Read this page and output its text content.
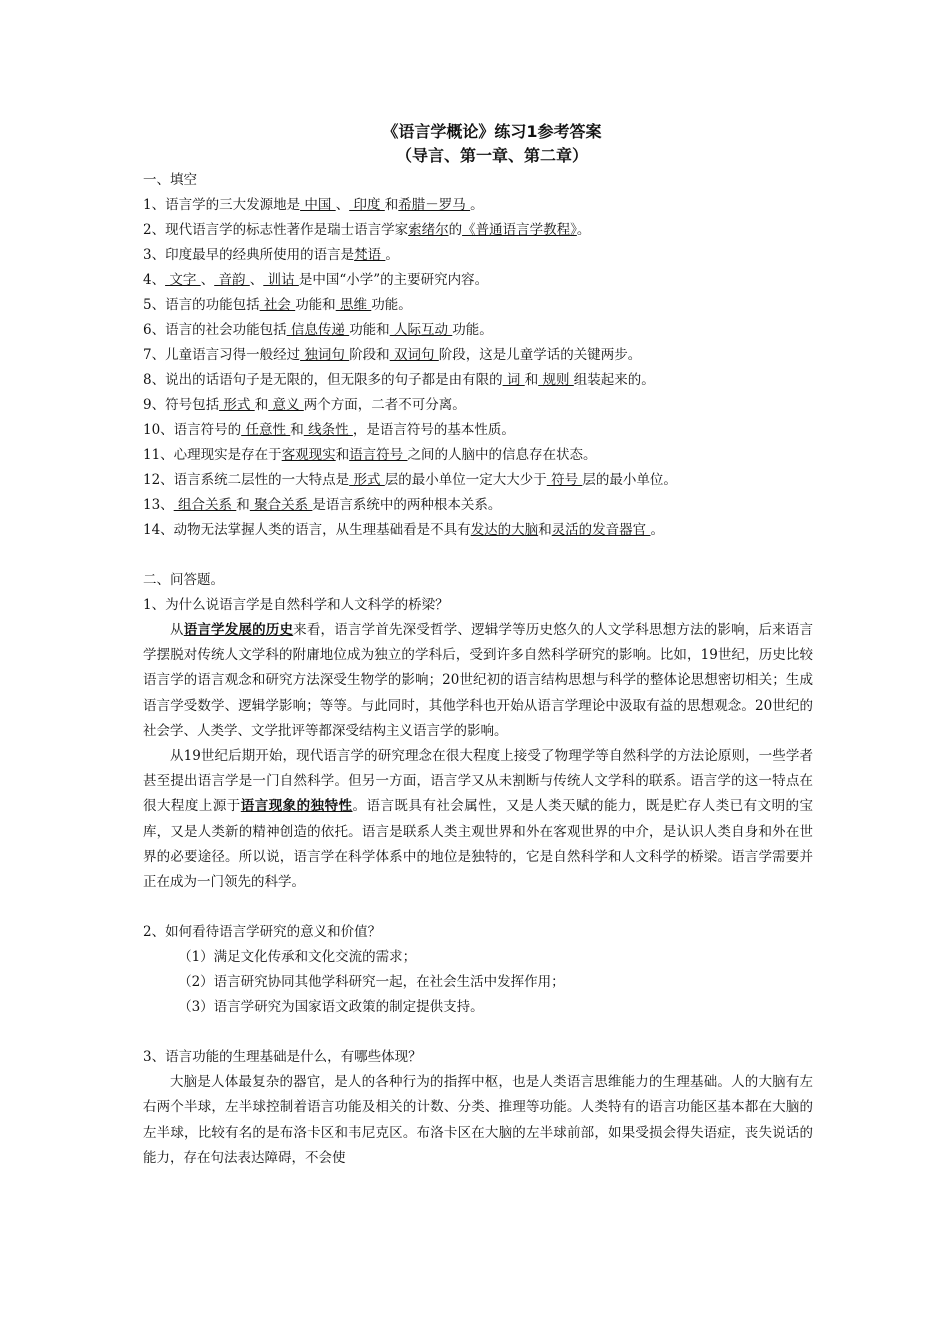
《语言学概论》练习1参考答案
（导言、第一章、第二章）
一、填空
1、语言学的三大发源地是 中国 、 印度 和希腊－罗马 。
2、现代语言学的标志性著作是瑞士语言学家索绪尔的《普通语言学教程》。
3、印度最早的经典所使用的语言是梵语 。
4、 文字 、 音韵 、 训诂 是中国“小学”的主要研究内容。
5、语言的功能包括 社会 功能和 思维 功能。
6、语言的社会功能包括 信息传递 功能和 人际互动 功能。
7、儿童语言习得一般经过 独词句 阶段和 双词句 阶段，这是儿童学话的关键两步。
8、说出的话语句子是无限的，但无限多的句子都是由有限的 词 和 规则 组装起来的。
9、符号包括 形式 和 意义 两个方面，二者不可分离。
10、语言符号的 任意性 和 线条性 ，是语言符号的基本性质。
11、心理现实是存在于客观现实和语言符号 之间的人脑中的信息存在状态。
12、语言系统二层性的一大特点是 形式 层的最小单位一定大大少于 符号 层的最小单位。
13、 组合关系 和 聚合关系 是语言系统中的两种根本关系。
14、动物无法掌握人类的语言，从生理基础看是不具有发达的大脑和灵活的发音器官 。
二、问答题。
1、为什么说语言学是自然科学和人文科学的桥梁？
从语言学发展的历史来看，语言学首先深受哲学、逻辑学等历史悠久的人文学科思想方法的影响，后来语言学摆脱对传统人文学科的附庸地位成为独立的学科后，受到许多自然科学研究的影响。比如，19世纪，历史比较语言学的语言观念和研究方法深受生物学的影响；20世纪初的语言结构思想与科学的整体论思想密切相关；生成语言学受数学、逻辑学影响；等等。与此同时，其他学科也开始从语言学理论中汲取有益的思想观念。20世纪的社会学、人类学、文学批评等都深受结构主义语言学的影响。
从19世纪后期开始，现代语言学的研究理念在很大程度上接受了物理学等自然科学的方法论原则，一些学者甚至提出语言学是一门自然科学。但另一方面，语言学又从未割断与传统人文学科的联系。语言学的这一特点在很大程度上源于语言现象的独特性。语言既具有社会属性，又是人类天赋的能力，既是贮存人类已有文明的宝库，又是人类新的精神创造的依托。语言是联系人类主观世界和外在客观世界的中介，是认识人类自身和外在世界的必要途径。所以说，语言学在科学体系中的地位是独特的，它是自然科学和人文科学的桥梁。语言学需要并正在成为一门领先的科学。
2、如何看待语言学研究的意义和价值？
（1）满足文化传承和文化交流的需求；
（2）语言研究协同其他学科研究一起，在社会生活中发挥作用；
（3）语言学研究为国家语文政策的制定提供支持。
3、语言功能的生理基础是什么，有哪些体现？
大脑是人体最复杂的器官，是人的各种行为的指挥中枢，也是人类语言思维能力的生理基础。人的大脑有左右两个半球，左半球控制着语言功能及相关的计数、分类、推理等功能。人类特有的语言功能区基本都在大脑的左半球，比较有名的是布洛卡区和韦尼克区。布洛卡区在大脑的左半球前部，如果受损会得失语症，丧失说话的能力，存在句法表达障碍，不会使
